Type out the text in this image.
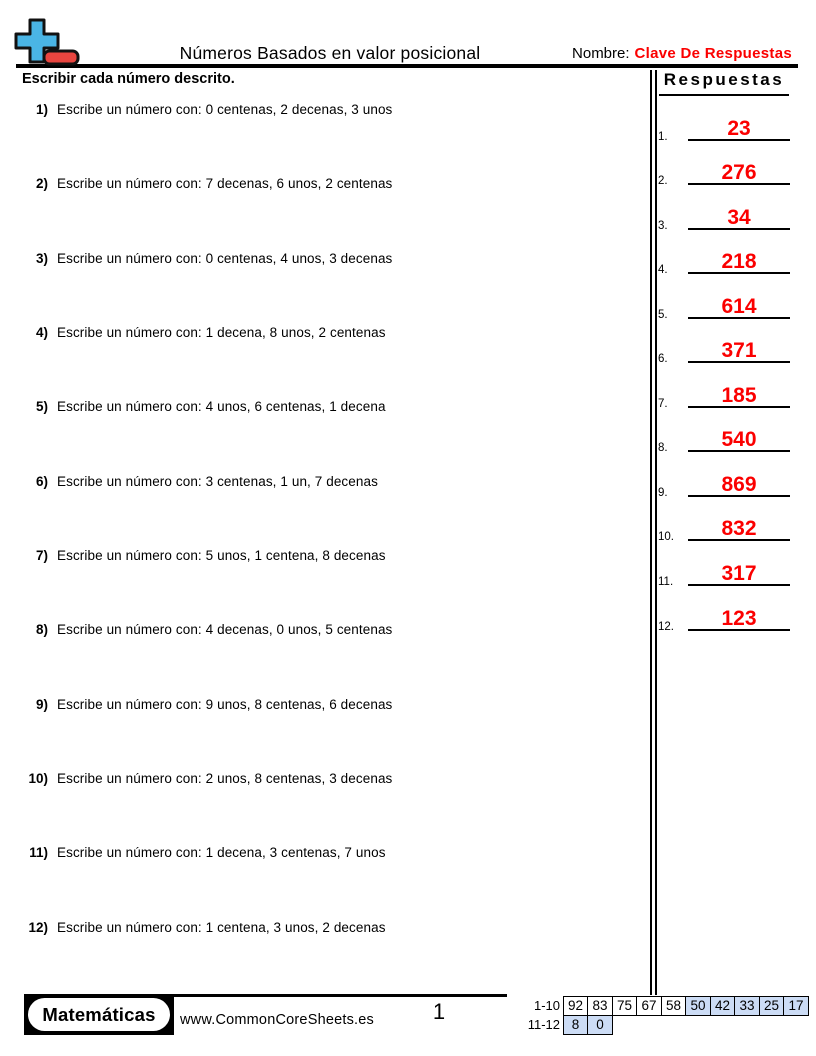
Números Basados en valor posicional	Nombre: Clave De Respuestas
Escribir cada número descrito.
1) Escribe un número con: 0 centenas, 2 decenas, 3 unos
2) Escribe un número con: 7 decenas, 6 unos, 2 centenas
3) Escribe un número con: 0 centenas, 4 unos, 3 decenas
4) Escribe un número con: 1 decena, 8 unos, 2 centenas
5) Escribe un número con: 4 unos, 6 centenas, 1 decena
6) Escribe un número con: 3 centenas, 1 un, 7 decenas
7) Escribe un número con: 5 unos, 1 centena, 8 decenas
8) Escribe un número con: 4 decenas, 0 unos, 5 centenas
9) Escribe un número con: 9 unos, 8 centenas, 6 decenas
10) Escribe un número con: 2 unos, 8 centenas, 3 decenas
11) Escribe un número con: 1 decena, 3 centenas, 7 unos
12) Escribe un número con: 1 centena, 3 unos, 2 decenas
Respuestas
1.	23
2.	276
3.	34
4.	218
5.	614
6.	371
7.	185
8.	540
9.	869
10.	832
11.	317
12.	123
Matemáticas	www.CommonCoreSheets.es	1	1-10 92 83 75 67 58 50 42 33 25 17
11-12 8	0
